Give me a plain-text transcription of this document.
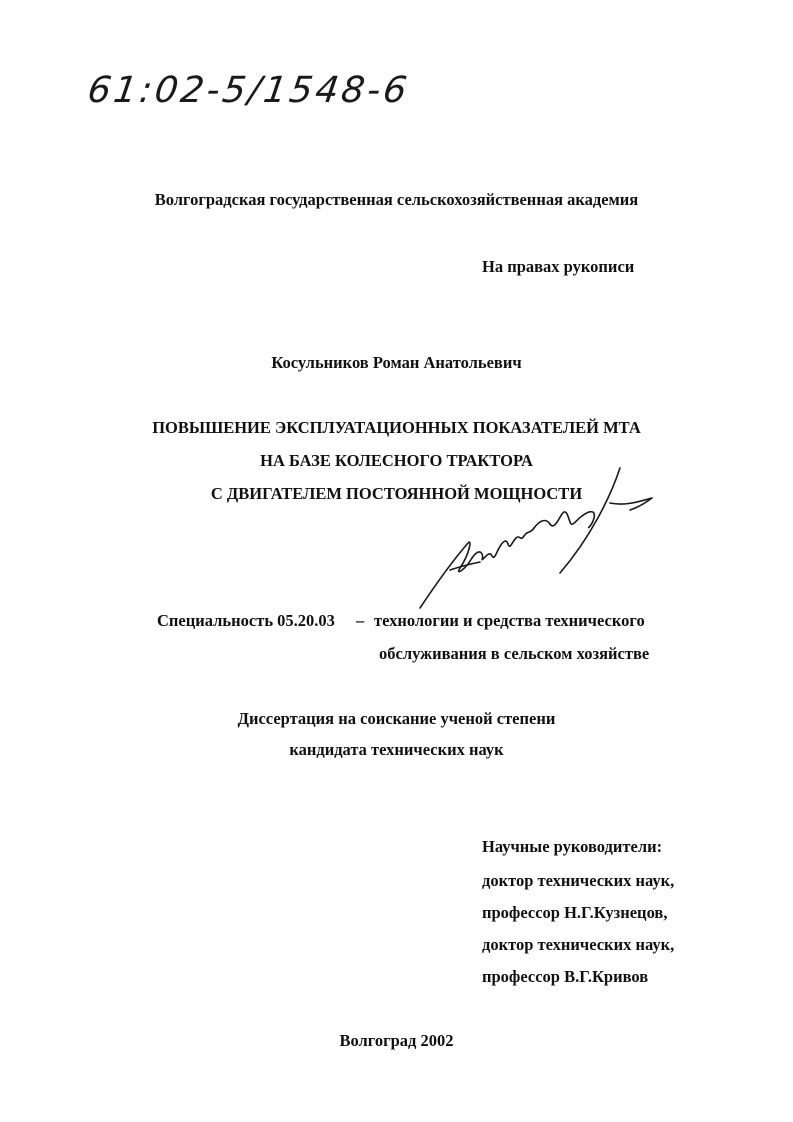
61:02-5/1548-6
Волгоградская государственная сельскохозяйственная академия
На правах рукописи
Косульников Роман Анатольевич
ПОВЫШЕНИЕ ЭКСПЛУАТАЦИОННЫХ ПОКАЗАТЕЛЕЙ МТА
НА БАЗЕ КОЛЕСНОГО ТРАКТОРА
С ДВИГАТЕЛЕМ ПОСТОЯННОЙ МОЩНОСТИ
Специальность 05.20.03 – технологии и средства технического
обслуживания в сельском хозяйстве
Диссертация на соискание ученой степени
кандидата технических наук
Научные руководители:
доктор технических наук,
профессор Н.Г.Кузнецов,
доктор технических наук,
профессор В.Г.Кривов
Волгоград 2002
